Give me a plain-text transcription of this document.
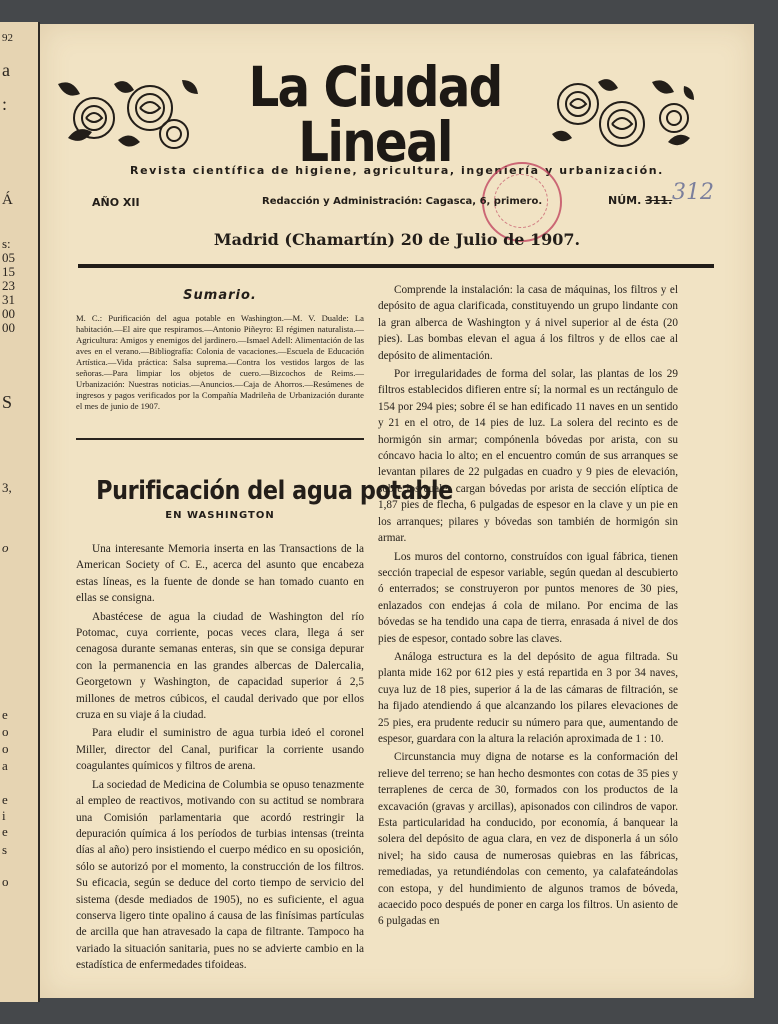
92
a
:
Á
s:
05
15
23
31
00
00
S
3,
o
e
o
o
a
e
i
e
s
o
La Ciudad Lineal
Revista científica de higiene, agricultura, ingeniería y urbanización.
AÑO XII	Redacción y Administración: Cagasca, 6, primero.	NÚM. 311. 312
Madrid (Chamartín) 20 de Julio de 1907.
Sumario.

M. C.: Purificación del agua potable en Washington.—M. V. Dualde: La habitación.—El aire que respiramos.—Antonio Piñeyro: El régimen naturalista.—Agricultura: Amigos y enemigos del jardinero.—Ismael Adell: Alimentación de las aves en el verano.—Bibliografía: Colonia de vacaciones.—Escuela de Educación Artística.—Vida práctica: Salsa suprema.—Contra los vestidos largos de las señoras.—Para limpiar los objetos de cuero.—Bizcochos de Reims.—Urbanización: Nuestras noticias.—Anuncios.—Caja de Ahorros.—Resúmenes de ingresos y pagos verificados por la Compañía Madrileña de Urbanización durante el mes de junio de 1907.

Purificación del agua potable
EN WASHINGTON

Una interesante Memoria inserta en las Transactions de la American Society of C. E., acerca del asunto que encabeza estas líneas, es la fuente de donde se han tomado cuanto en ellas se consigna.

Abastécese de agua la ciudad de Washington del río Potomac, cuya corriente, pocas veces clara, llega á ser cenagosa durante semanas enteras, sin que se consiga depurar con la permanencia en las grandes albercas de Dalercalia, Georgetown y Washington, de capacidad superior á 2,5 millones de metros cúbicos, el caudal derivado que por ellos cruza en su viaje á la ciudad.

Para eludir el suministro de agua turbia ideó el coronel Miller, director del Canal, purificar la corriente usando coagulantes químicos y filtros de arena.

La sociedad de Medicina de Columbia se opuso tenazmente al empleo de reactivos, motivando con su actitud se nombrara una Comisión parlamentaria que acordó restringir la depuración química á los períodos de turbias intensas (treinta días al año) pero insistiendo el cuerpo médico en su oposición, sólo se autorizó por el momento, la construcción de los filtros. Su eficacia, según se deduce del corto tiempo de servicio del sistema (desde mediados de 1905), no es suficiente, el agua conserva ligero tinte opalino á causa de las finísimas partículas de arcilla que han atravesado la capa de filtrante. Tampoco ha variado la situación sanitaria, pues no se advierte cambio en la estadística de enfermedades tifoideas.

Comprende la instalación: la casa de máquinas, los filtros y el depósito de agua clarificada, constituyendo un grupo lindante con la gran alberca de Washington y á nivel superior al de ésta (20 pies). Las bombas elevan el agua á los filtros y de ellos cae al depósito de alimentación.

Por irregularidades de forma del solar, las plantas de los 29 filtros establecidos difieren entre sí; la normal es un rectángulo de 154 por 294 pies; sobre él se han edificado 11 naves en un sentido y 21 en el otro, de 14 pies de luz. La solera del recinto es de hormigón sin armar; compónenla bóvedas por arista, con su cóncavo hacia lo alto; en el encuentro común de sus arranques se levantan pilares de 22 pulgadas en cuadro y 9 pies de elevación, sobre los cuales cargan bóvedas por arista de sección elíptica de 1,87 pies de flecha, 6 pulgadas de espesor en la clave y un pie en los arranques; pilares y bóvedas son también de hormigón sin armar.

Los muros del contorno, construídos con igual fábrica, tienen sección trapecial de espesor variable, según quedan al descubierto ó enterrados; se construyeron por puntos menores de 30 pies, enlazados con endejas á cola de milano. Por encima de las bóvedas se ha tendido una capa de tierra, enrasada á nivel de dos pies de espesor, contado sobre las claves.

Análoga estructura es la del depósito de agua filtrada. Su planta mide 162 por 612 pies y está repartida en 3 por 34 naves, cuya luz de 18 pies, superior á la de las cámaras de filtración, se ha fijado atendiendo á que alcanzando los pilares elevaciones de 25 pies, era prudente reducir su número para que, aumentando de espesor, guardara con la altura la relación aproximada de 1 : 10.

Circunstancia muy digna de notarse es la conformación del relieve del terreno; se han hecho desmontes con cotas de 35 pies y terraplenes de cerca de 30, formados con los productos de la excavación (gravas y arcillas), apisonados con cilindros de vapor. Esta particularidad ha conducido, por economía, á banquear la solera del depósito de agua clara, en vez de disponerla á un sólo nivel; ha sido causa de numerosas quiebras en las fábricas, remediadas, ya retundiéndolas con cemento, ya calafateándolas con estopa, y del hundimiento de algunos tramos de bóveda, acaecido poco después de poner en carga los filtros. Un asiento de 6 pulgadas en
